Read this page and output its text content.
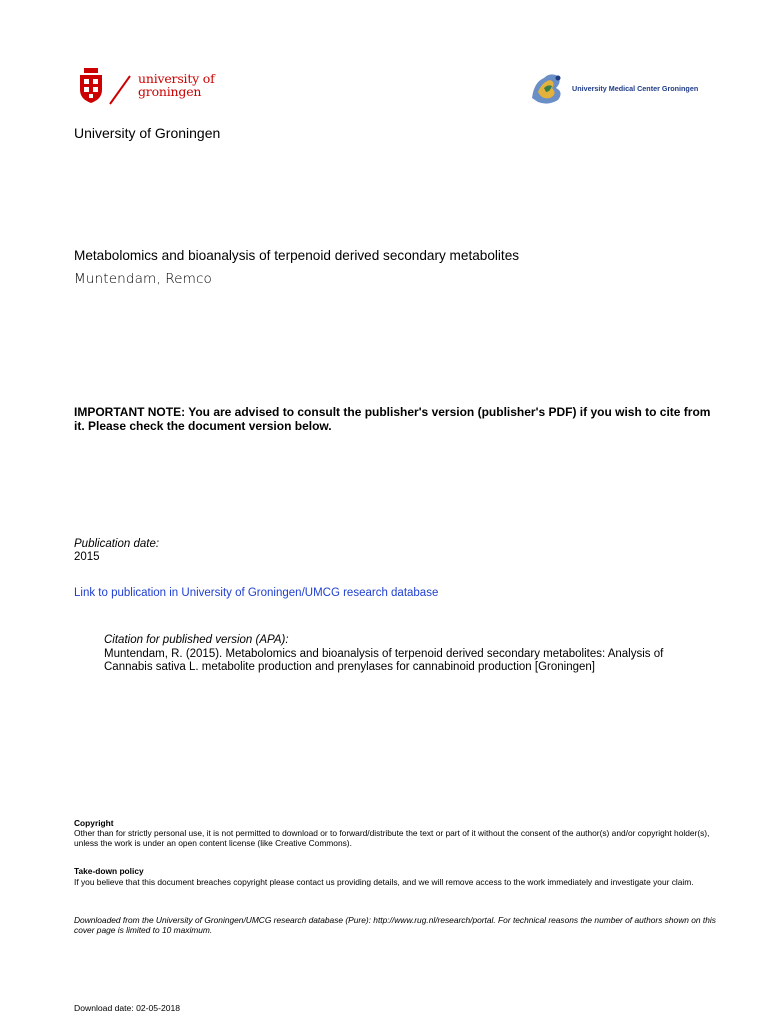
university of
groningen	University Medical Center Groningen
University of Groningen
Metabolomics and bioanalysis of terpenoid derived secondary metabolites
Muntendam, Remco
IMPORTANT NOTE: You are advised to consult the publisher's version (publisher's PDF) if you wish to cite from it. Please check the document version below.
Publication date:
2015
Link to publication in University of Groningen/UMCG research database
Citation for published version (APA):
Muntendam, R. (2015). Metabolomics and bioanalysis of terpenoid derived secondary metabolites: Analysis of Cannabis sativa L. metabolite production and prenylases for cannabinoid production [Groningen]
Copyright
Other than for strictly personal use, it is not permitted to download or to forward/distribute the text or part of it without the consent of the author(s) and/or copyright holder(s), unless the work is under an open content license (like Creative Commons).
Take-down policy
If you believe that this document breaches copyright please contact us providing details, and we will remove access to the work immediately and investigate your claim.
Downloaded from the University of Groningen/UMCG research database (Pure): http://www.rug.nl/research/portal. For technical reasons the number of authors shown on this cover page is limited to 10 maximum.
Download date: 02-05-2018
